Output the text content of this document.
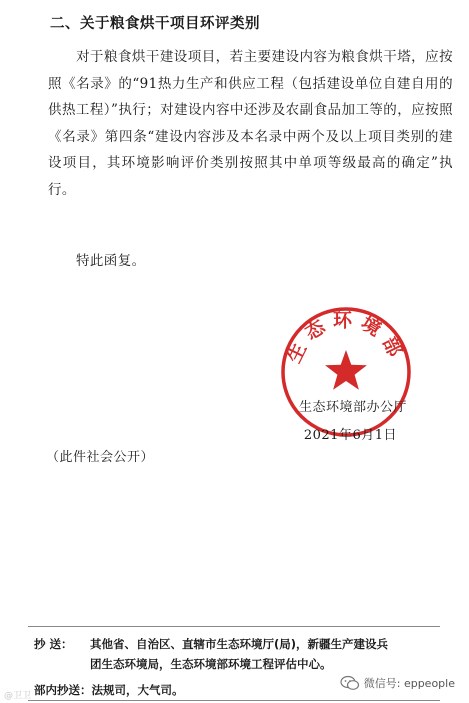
二、关于粮食烘干项目环评类别
对于粮食烘干建设项目，若主要建设内容为粮食烘干塔，应按照《名录》的“91热力生产和供应工程（包括建设单位自建自用的供热工程）”执行；对建设内容中还涉及农副食品加工等的，应按照《名录》第四条“建设内容涉及本名录中两个及以上项目类别的建设项目，其环境影响评价类别按照其中单项等级最高的确定”执行。
特此函复。
生态环境部
生态环境部办公厅
2021年6月1日
（此件社会公开）
抄 送： 其他省、自治区、直辖市生态环境厅(局)，新疆生产建设兵
团生态环境局，生态环境部环境工程评估中心。
部内抄送：法规司，大气司。
@卫卫
微信号: eppeople
